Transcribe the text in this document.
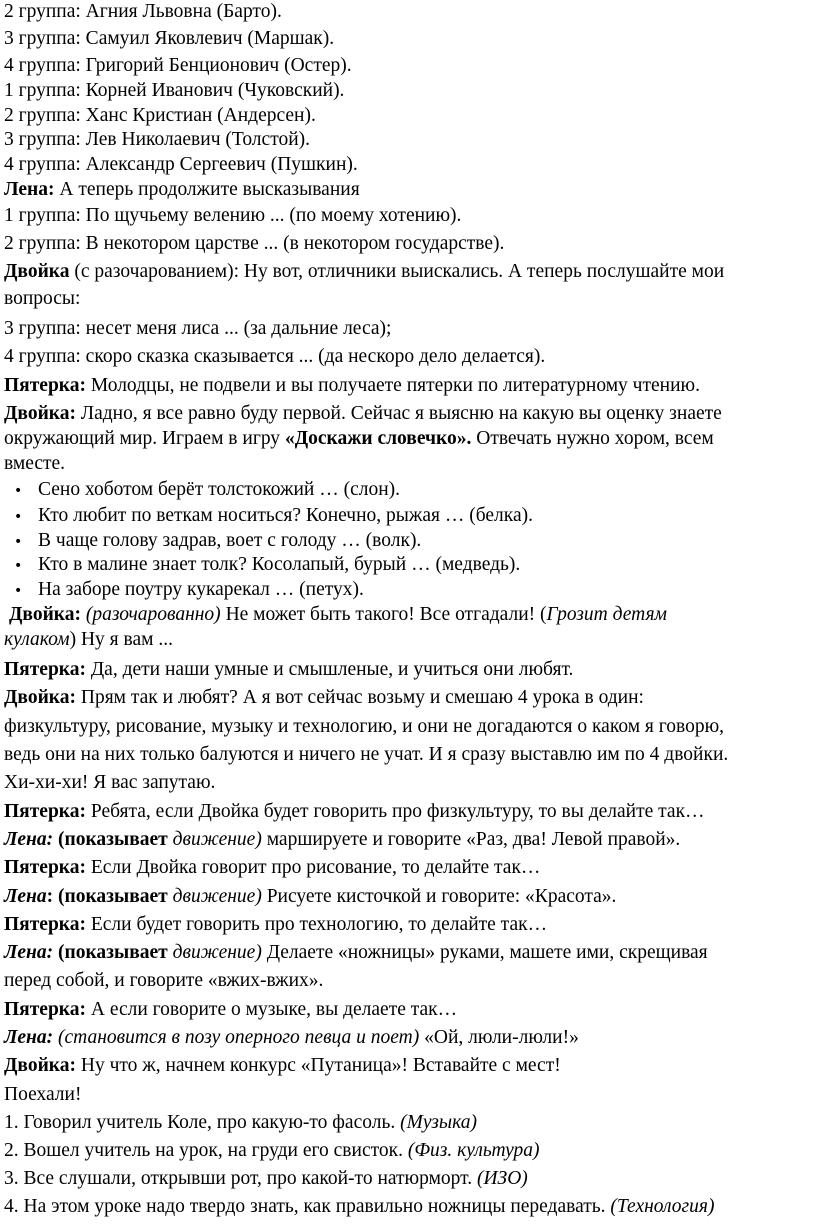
2 группа: Агния Львовна (Барто).
3 группа: Самуил Яковлевич (Маршак).
4 группа: Григорий Бенционович (Остер).
1 группа: Корней Иванович (Чуковский).
2 группа: Ханс Кристиан (Андерсен).
3 группа: Лев Николаевич (Толстой).
4 группа: Александр Сергеевич (Пушкин).
Лена: А теперь продолжите высказывания
1 группа: По щучьему велению ... (по моему хотению).
2 группа: В некотором царстве ... (в некотором государстве).
Двойка (с разочарованием): Ну вот, отличники выискались. А теперь послушайте мои
вопросы:
3 группа: несет меня лиса ... (за дальние леса);
4 группа: скоро сказка сказывается ... (да нескоро дело делается).
Пятерка: Молодцы, не подвели и вы получаете пятерки по литературному чтению.
Двойка: Ладно, я все равно буду первой. Сейчас я выясню на какую вы оценку знаете
окружающий мир. Играем в игру «Доскажи словечко». Отвечать нужно хором, всем
вместе.
• Сено хоботом берёт толстокожий … (слон).
• Кто любит по веткам носиться? Конечно, рыжая … (белка).
• В чаще голову задрав, воет с голоду … (волк).
• Кто в малине знает толк? Косолапый, бурый … (медведь).
• На заборе поутру кукарекал … (петух).
Двойка: (разочарованно) Не может быть такого! Все отгадали! (Грозит детям
кулаком) Ну я вам ...
Пятерка: Да, дети наши умные и смышленые, и учиться они любят.
Двойка: Прям так и любят? А я вот сейчас возьму и смешаю 4 урока в один:
физкультуру, рисование, музыку и технологию, и они не догадаются о каком я говорю,
ведь они на них только балуются и ничего не учат. И я сразу выставлю им по 4 двойки.
Хи-хи-хи! Я вас запутаю.
Пятерка: Ребята, если Двойка будет говорить про физкультуру, то вы делайте так…
Лена: (показывает движение) маршируете и говорите «Раз, два! Левой правой».
Пятерка: Если Двойка говорит про рисование, то делайте так…
Лена: (показывает движение) Рисуете кисточкой и говорите: «Красота».
Пятерка: Если будет говорить про технологию, то делайте так…
Лена: (показывает движение) Делаете «ножницы» руками, машете ими, скрещивая
перед собой, и говорите «вжих-вжих».
Пятерка: А если говорите о музыке, вы делаете так…
Лена: (становится в позу оперного певца и поет) «Ой, люли-люли!»
Двойка: Ну что ж, начнем конкурс «Путаница»! Вставайте с мест!
Поехали!
1. Говорил учитель Коле, про какую-то фасоль. (Музыка)
2. Вошел учитель на урок, на груди его свисток. (Физ. культура)
3. Все слушали, открывши рот, про какой-то натюрморт. (ИЗО)
4. На этом уроке надо твердо знать, как правильно ножницы передавать. (Технология)
